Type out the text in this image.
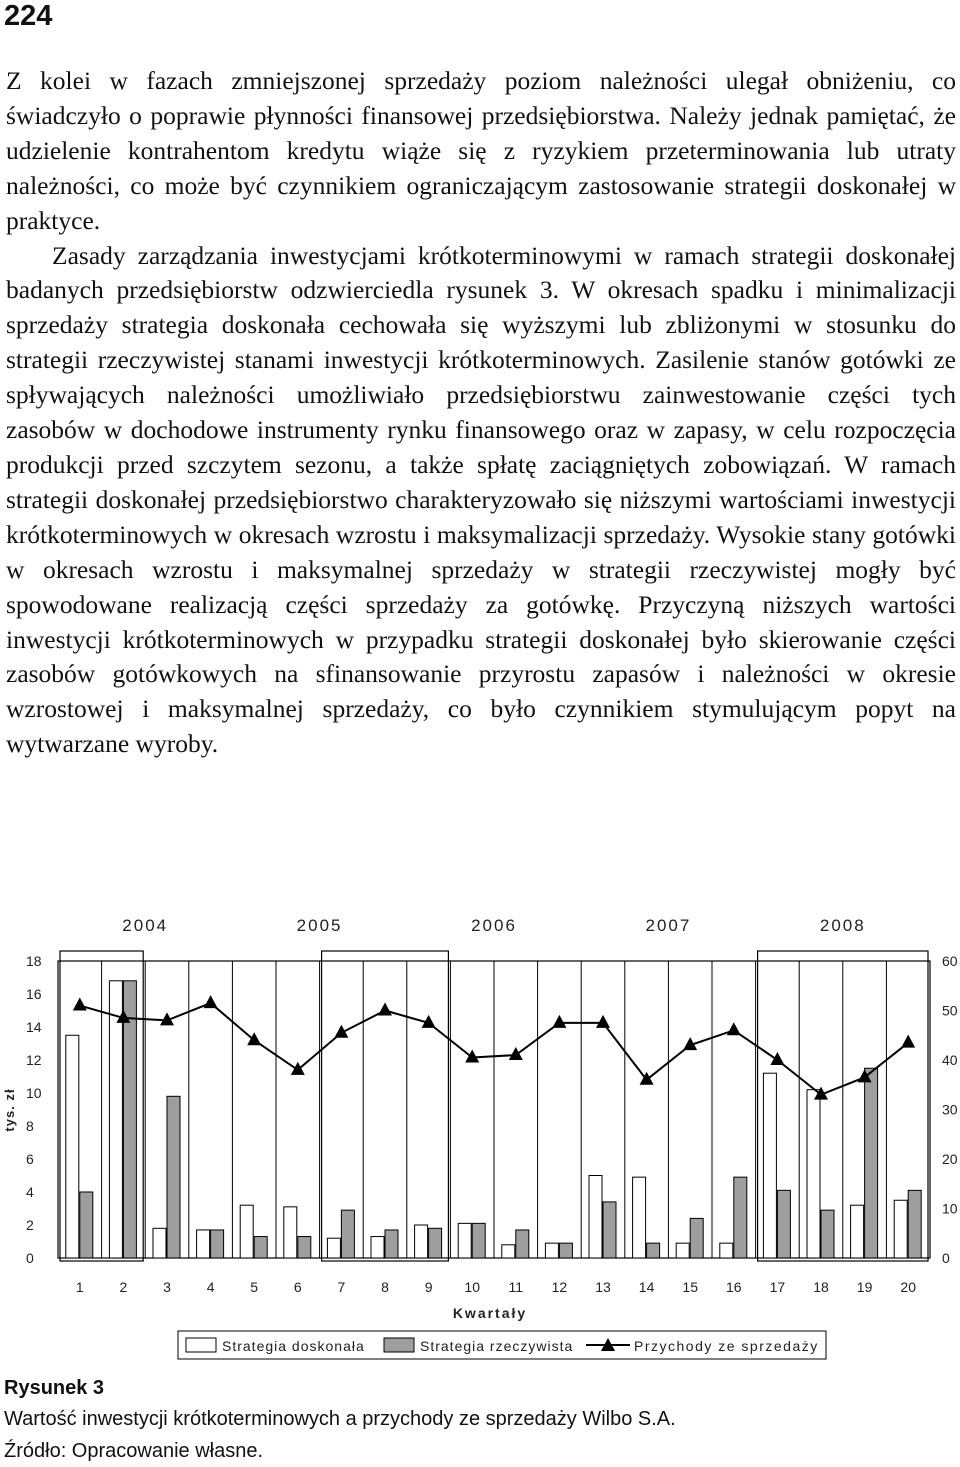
224

Z kolei w fazach zmniejszonej sprzedaży poziom należności ulegał obniżeniu, co świadczyło o poprawie płynności finansowej przedsiębiorstwa. Należy jednak pamiętać, że udzielenie kontrahentom kredytu wiąże się z ryzykiem przeterminowania lub utraty należności, co może być czynnikiem ograniczającym zastosowanie strategii doskonałej w praktyce.

Zasady zarządzania inwestycjami krótkoterminowymi w ramach strategii doskonałej badanych przedsiębiorstw odzwierciedla rysunek 3. W okresach spadku i minimalizacji sprzedaży strategia doskonała cechowała się wyższymi lub zbliżonymi w stosunku do strategii rzeczywistej stanami inwestycji krótkoterminowych. Zasilenie stanów gotówki ze spływających należności umożliwiało przedsiębiorstwu zainwestowanie części tych zasobów w dochodowe instrumenty rynku finansowego oraz w zapasy, w celu rozpoczęcia produkcji przed szczytem sezonu, a także spłatę zaciągniętych zobowiązań. W ramach strategii doskonałej przedsiębiorstwo charakteryzowało się niższymi wartościami inwestycji krótkoterminowych w okresach wzrostu i maksymalizacji sprzedaży. Wysokie stany gotówki w okresach wzrostu i maksymalnej sprzedaży w strategii rzeczywistej mogły być spowodowane realizacją części sprzedaży za gotówkę. Przyczyną niższych wartości inwestycji krótkoterminowych w przypadku strategii doskonałej było skierowanie części zasobów gotówkowych na sfinansowanie przyrostu zapasów i należności w okresie wzrostowej i maksymalnej sprzedaży, co było czynnikiem stymulującym popyt na wytwarzane wyroby.

2004	2005	2006	2007	2008
0
2
4
6
8
10
12
14
16
18
0
10
20
30
40
50
60
1	2	3	4	5	6	7	8	9 10 11 12 13 14 15 16 17 18 19 20
tys. zł
Kwartały
Strategia doskonała	Strategia rzeczywista	Przychody ze sprzedaży
Rysunek 3
Wartość inwestycji krótkoterminowych a przychody ze sprzedaży Wilbo S.A.
Źródło: Opracowanie własne.
